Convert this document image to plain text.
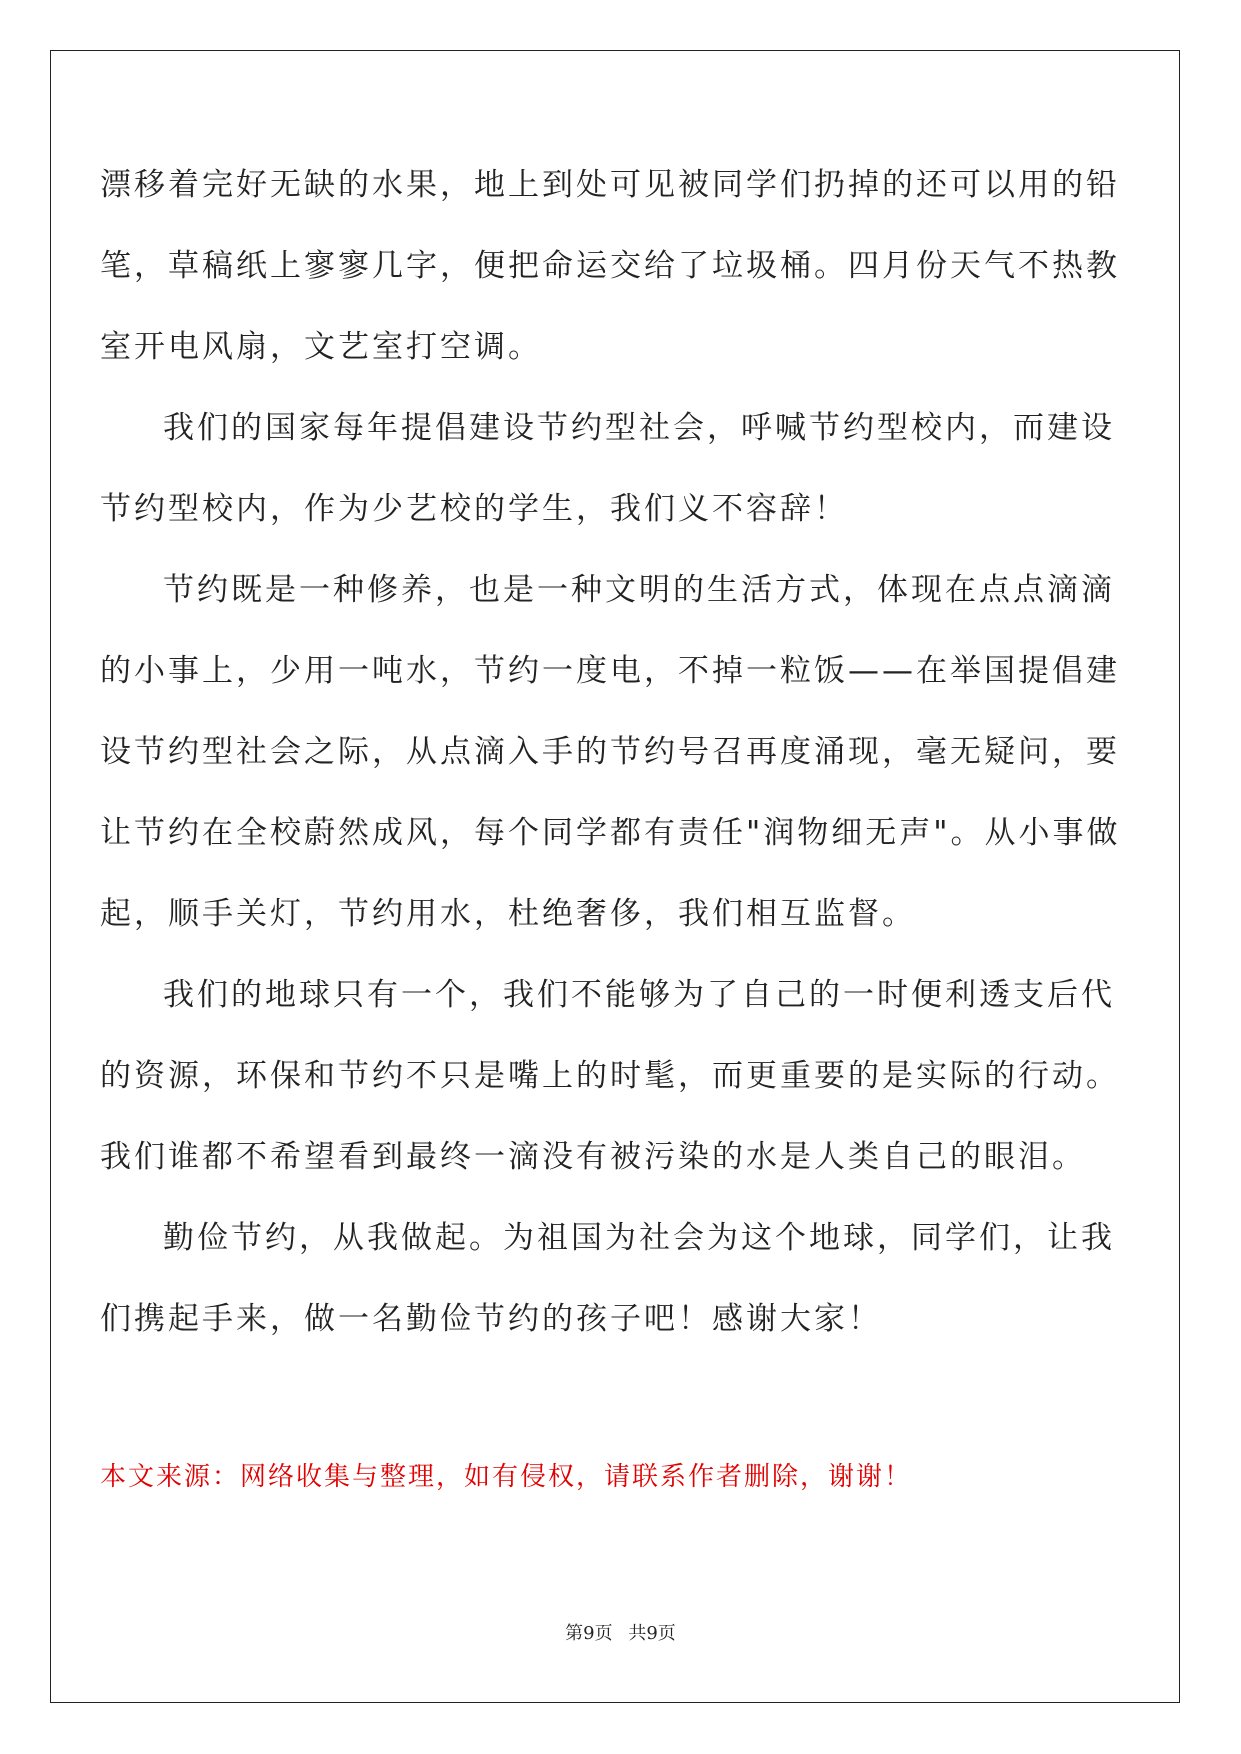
漂移着完好无缺的水果，地上到处可见被同学们扔掉的还可以用的铅
笔，草稿纸上寥寥几字，便把命运交给了垃圾桶。四月份天气不热教
室开电风扇，文艺室打空调。
我们的国家每年提倡建设节约型社会，呼喊节约型校内，而建设
节约型校内，作为少艺校的学生，我们义不容辞！
节约既是一种修养，也是一种文明的生活方式，体现在点点滴滴
的小事上，少用一吨水，节约一度电，不掉一粒饭——在举国提倡建
设节约型社会之际，从点滴入手的节约号召再度涌现，毫无疑问，要
让节约在全校蔚然成风，每个同学都有责任"润物细无声"。从小事做
起，顺手关灯，节约用水，杜绝奢侈，我们相互监督。
我们的地球只有一个，我们不能够为了自己的一时便利透支后代
的资源，环保和节约不只是嘴上的时髦，而更重要的是实际的行动。
我们谁都不希望看到最终一滴没有被污染的水是人类自己的眼泪。
勤俭节约，从我做起。为祖国为社会为这个地球，同学们，让我
们携起手来，做一名勤俭节约的孩子吧！感谢大家！
本文来源：网络收集与整理，如有侵权，请联系作者删除，谢谢！
第9页 共9页
